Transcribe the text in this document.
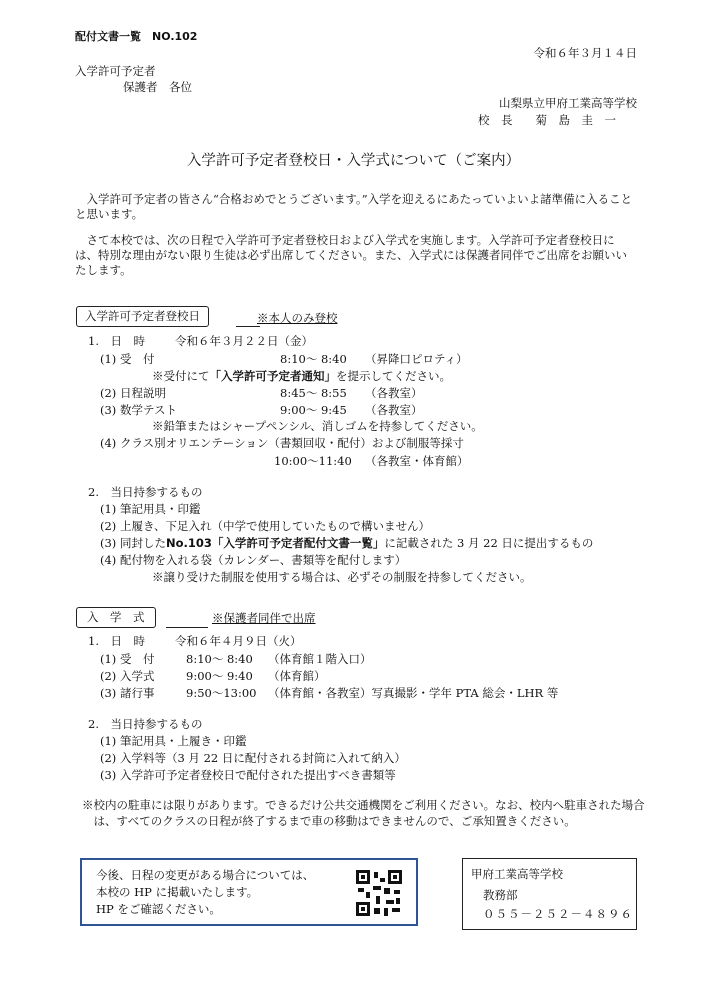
配付文書一覧　NO.102
令和６年３月１４日
入学許可予定者
保護者　各位
山梨県立甲府工業高等学校
校　長　　菊　島　圭　一
入学許可予定者登校日・入学式について（ご案内）
入学許可予定者の皆さん“合格おめでとうございます。”入学を迎えるにあたっていよいよ諸準備に入ることと思います。
さて本校では、次の日程で入学許可予定者登校日および入学式を実施します。入学許可予定者登校日には、特別な理由がない限り生徒は必ず出席してください。また、入学式には保護者同伴でご出席をお願いいたします。
入学許可予定者登校日	※本人のみ登校
1.　日　時	令和６年３月２２日（金）
(1) 受　付	8:10～ 8:40 （昇降口ピロティ）
※受付にて「入学許可予定者通知」を提示してください。
(2) 日程説明	8:45～ 8:55 （各教室）
(3) 数学テスト	9:00～ 9:45 （各教室）
※鉛筆またはシャープペンシル、消しゴムを持参してください。
(4) クラス別オリエンテーション（書類回収・配付）および制服等採寸
10:00～11:40 （各教室・体育館）
2.　当日持参するもの
(1) 筆記用具・印鑑
(2) 上履き、下足入れ（中学で使用していたもので構いません）
(3) 同封したNo.103「入学許可予定者配付文書一覧」に記載された 3 月 22 日に提出するもの
(4) 配付物を入れる袋（カレンダー、書類等を配付します）
※譲り受けた制服を使用する場合は、必ずその制服を持参してください。
入　学　式	※保護者同伴で出席
1.　日　時	令和６年４月９日（火）
(1) 受　付	8:10～ 8:40 （体育館１階入口）
(2) 入学式	9:00～ 9:40 （体育館）
(3) 諸行事	9:50～13:00 （体育館・各教室）写真撮影・学年 PTA 総会・LHR 等
2.　当日持参するもの
(1) 筆記用具・上履き・印鑑
(2) 入学料等（3 月 22 日に配付される封筒に入れて納入）
(3) 入学許可予定者登校日で配付された提出すべき書類等
※校内の駐車には限りがあります。できるだけ公共交通機関をご利用ください。なお、校内へ駐車された場合は、すべてのクラスの日程が終了するまで車の移動はできませんので、ご承知置きください。
今後、日程の変更がある場合については、
本校の HP に掲載いたします。
HP をご確認ください。
甲府工業高等学校
教務部
０５５－２５２－４８９６
